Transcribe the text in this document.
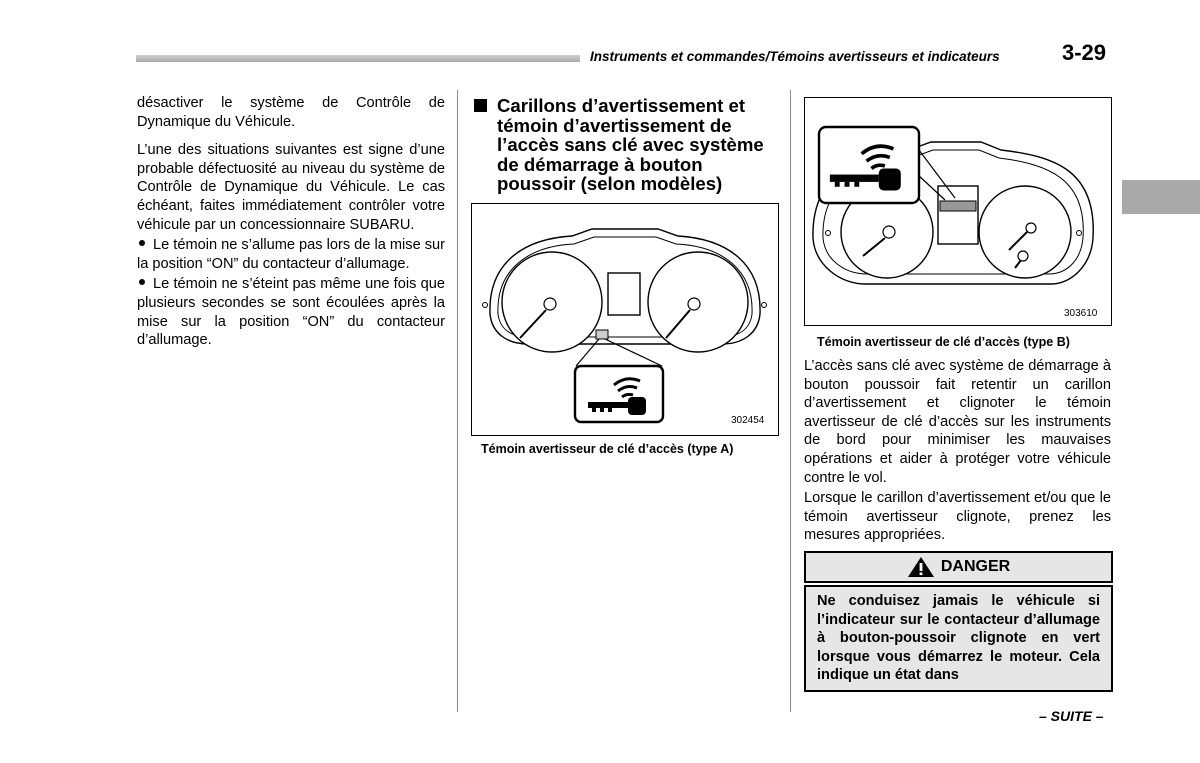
Instruments et commandes/Témoins avertisseurs et indicateurs	3-29

désactiver le système de Contrôle de Dynamique du Véhicule.

L’une des situations suivantes est signe d’une probable défectuosité au niveau du système de Contrôle de Dynamique du Véhicule. Le cas échéant, faites immédiatement contrôler votre véhicule par un concessionnaire SUBARU.

Le témoin ne s’allume pas lors de la mise sur la position “ON” du contacteur d’allumage.

Le témoin ne s’éteint pas même une fois que plusieurs secondes se sont écoulées après la mise sur la position “ON” du contacteur d’allumage.

Carillons d’avertissement et témoin d’avertissement de l’accès sans clé avec système de démarrage à bouton poussoir (selon modèles)
302454
Témoin avertisseur de clé d’accès (type A)
303610
Témoin avertisseur de clé d’accès (type B)

L’accès sans clé avec système de démarrage à bouton poussoir fait retentir un carillon d’avertissement et clignoter le témoin avertisseur de clé d’accès sur les instruments de bord pour minimiser les mauvaises opérations et aider à protéger votre véhicule contre le vol.

Lorsque le carillon d’avertissement et/ou que le témoin avertisseur clignote, prenez les mesures appropriées.

DANGER
Ne conduisez jamais le véhicule si l’indicateur sur le contacteur d’allumage à bouton-poussoir clignote en vert lorsque vous démarrez le moteur. Cela indique un état dans
– SUITE –
